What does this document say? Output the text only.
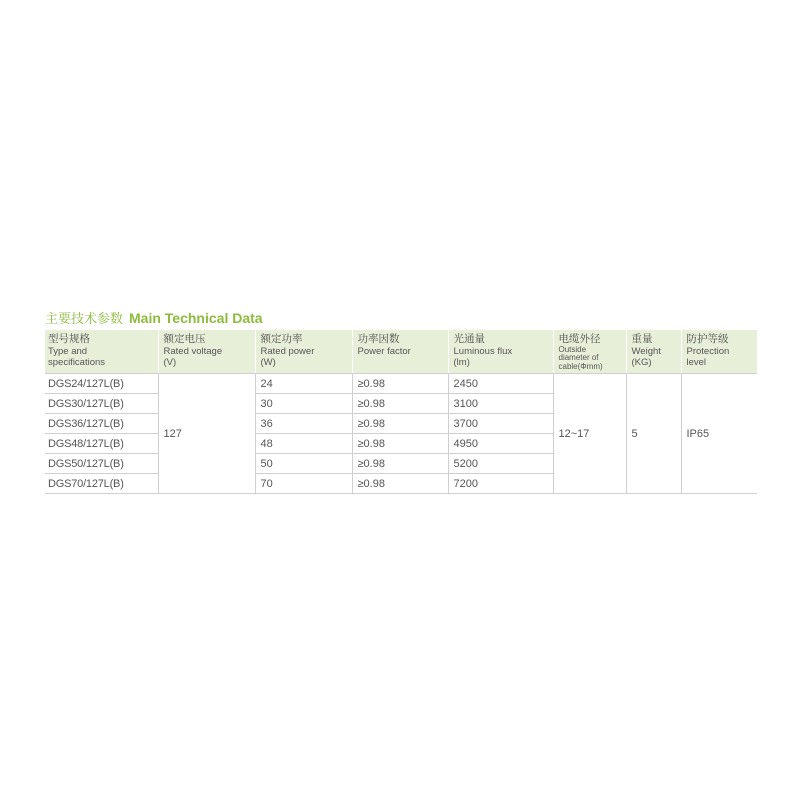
主要技术参数 Main Technical Data
型号规格
Type and
specifications	额定电压
Rated voltage
(V)	额定功率
Rated power
(W)	功率因数
Power factor	光通量
Luminous flux
(lm)	电缆外径
Outside
diameter of
cable(Φmm)	重量
Weight
(KG)	防护等级
Protection
level

DGS24/127L(B)	127	24	≥0.98	2450	12~17	5	IP65
DGS30/127L(B)		30	≥0.98	3100			
DGS36/127L(B)		36	≥0.98	3700			
DGS48/127L(B)		48	≥0.98	4950			
DGS50/127L(B)		50	≥0.98	5200			
DGS70/127L(B)		70	≥0.98	7200			
